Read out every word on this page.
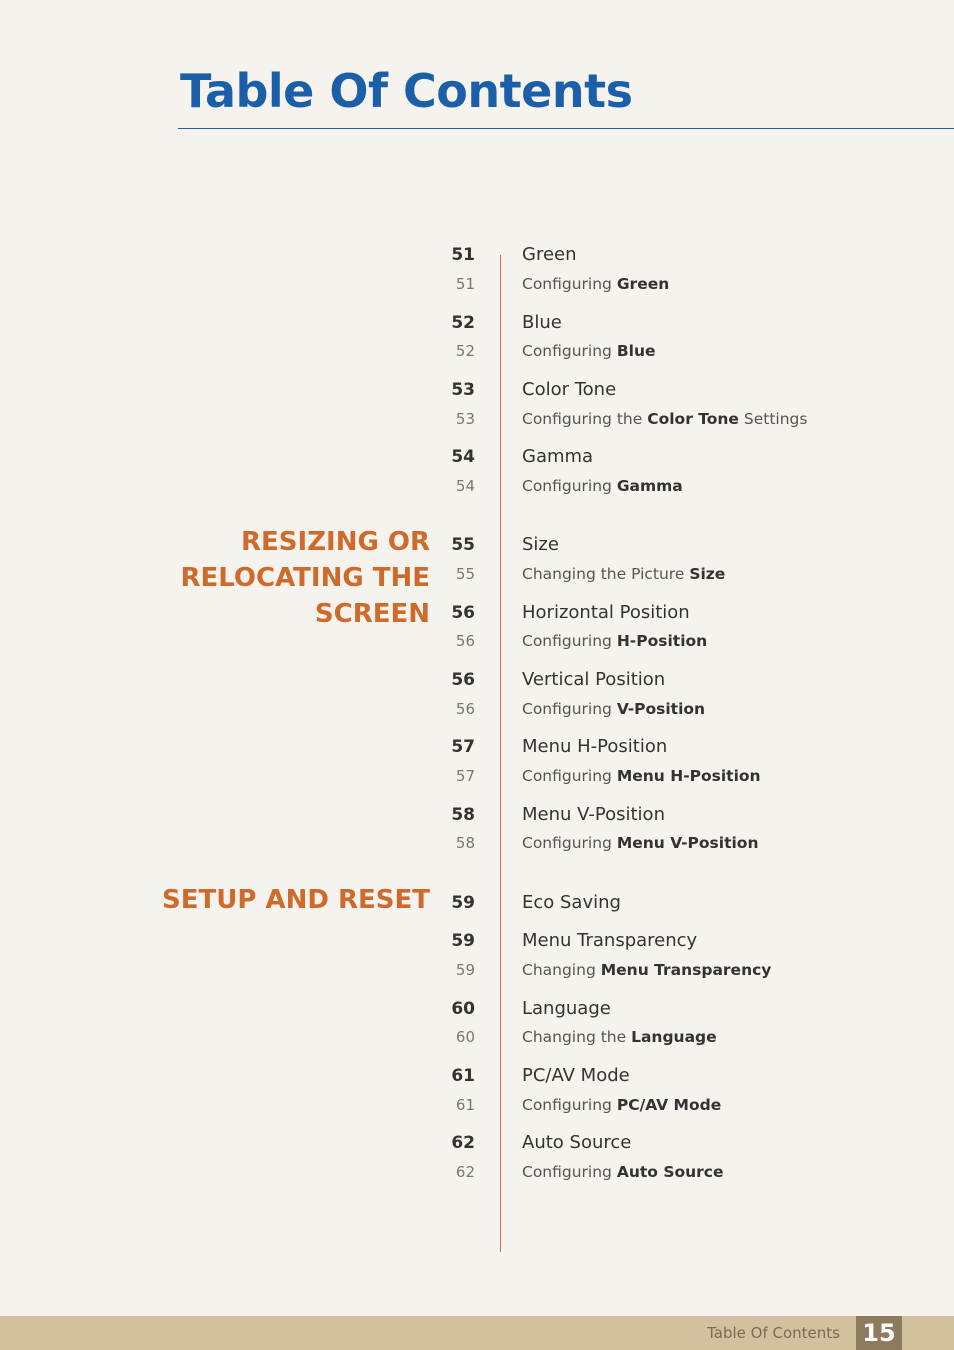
Table Of Contents
RESIZING OR
RELOCATING THE
SCREEN
SETUP AND RESET
51	Green
51	Configuring Green
52	Blue
52	Configuring Blue
53	Color Tone
53	Configuring the Color Tone Settings
54	Gamma
54	Configuring Gamma
55	Size
55	Changing the Picture Size
56	Horizontal Position
56	Configuring H-Position
56	Vertical Position
56	Configuring V-Position
57	Menu H-Position
57	Configuring Menu H-Position
58	Menu V-Position
58	Configuring Menu V-Position
59	Eco Saving
59	Menu Transparency
59	Changing Menu Transparency
60	Language
60	Changing the Language
61	PC/AV Mode
61	Configuring PC/AV Mode
62	Auto Source
62	Configuring Auto Source
Table Of Contents 15
